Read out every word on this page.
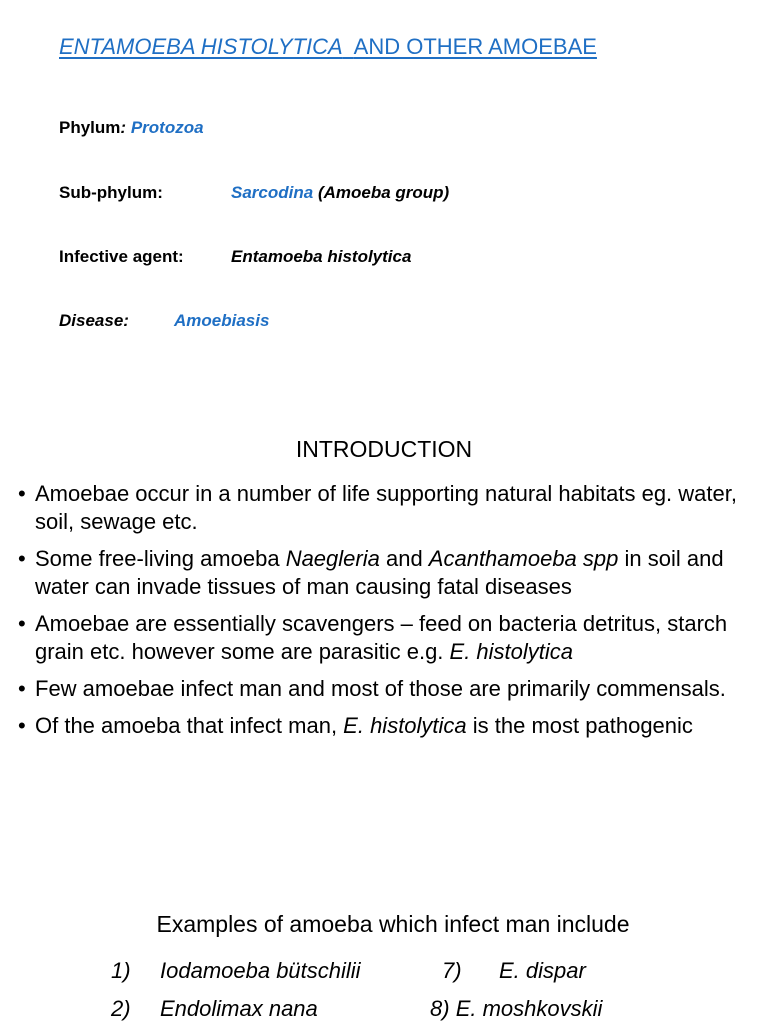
ENTAMOEBA HISTOLYTICA AND OTHER AMOEBAE
Phylum: Protozoa
Sub-phylum:	Sarcodina (Amoeba group)
Infective agent:	Entamoeba histolytica
Disease:	Amoebiasis
INTRODUCTION
• Amoebae occur in a number of life supporting natural habitats eg. water, soil, sewage etc.
• Some free-living amoeba Naegleria and Acanthamoeba spp in soil and water can invade tissues of man causing fatal diseases
• Amoebae are essentially scavengers – feed on bacteria detritus, starch grain etc. however some are parasitic e.g. E. histolytica
• Few amoebae infect man and most of those are primarily commensals.
• Of the amoeba that infect man, E. histolytica is the most pathogenic
Examples of amoeba which infect man include
1) Iodamoeba bütschilii	7) E. dispar
2) Endolimax nana	8) E. moshkovskii
